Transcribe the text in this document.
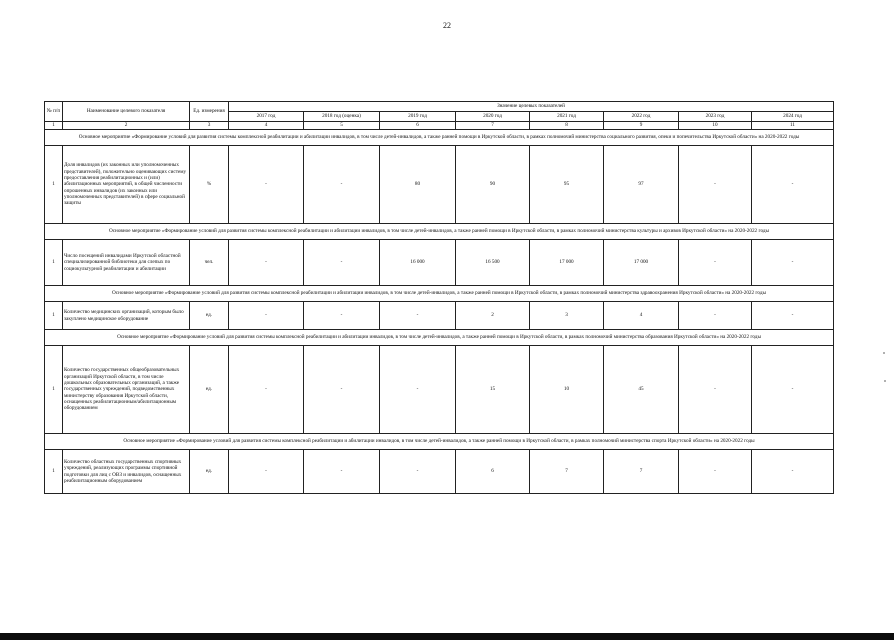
22
№ п/п	Наименование целевого показателя	Ед. измерения	Значение целевых показателей							
			2017 год	2018 год (оценка)	2019 год	2020 год	2021 год	2022 год	2023 год	2024 год
1	2	3	4	5	6	7	8	9	10	11
Основное мероприятие «Формирование условий для развития системы комплексной реабилитации и абилитации инвалидов, в том числе детей-инвалидов, а также ранней помощи в Иркутской области, в рамках полномочий министерства социального развития, опеки и попечительства Иркутской области» на 2020-2022 годы										
1	Доля инвалидов (их законных или уполномоченных представителей), положительно оценивающих систему предоставления реабилитационных и (или) абилитационных мероприятий, в общей численности опрошенных инвалидов (их законных или уполномоченных представителей) в сфере социальной защиты	%	-	-	80	90	95	97	-	-
Основное мероприятие «Формирование условий для развития системы комплексной реабилитации и абилитации инвалидов, в том числе детей-инвалидов, а также ранней помощи в Иркутской области, в рамках полномочий министерства культуры и архивов Иркутской области» на 2020-2022 годы										
1	Число посещений инвалидами Иркутской областной специализированной библиотеки для слепых по социокультурной реабилитации и абилитации	чел.	-	-	16 000	16 500	17 000	17 000	-	-
Основное мероприятие «Формирование условий для развития системы комплексной реабилитации и абилитации инвалидов, в том числе детей-инвалидов, а также ранней помощи в Иркутской области, в рамках полномочий министерства здравоохранения Иркутской области» на 2020-2022 годы										
1	Количество медицинских организаций, которым было закуплено медицинское оборудование	ед.	-	-	-	2	3	4	-	-
Основное мероприятие «Формирование условий для развития системы комплексной реабилитации и абилитации инвалидов, в том числе детей-инвалидов, а также ранней помощи в Иркутской области, в рамках полномочий министерства образования Иркутской области» на 2020-2022 годы										
1	Количество государственных общеобразовательных организаций Иркутской области, в том числе дошкольных образовательных организаций, а также государственных учреждений, подведомственных министерству образования Иркутской области, оснащенных реабилитационным/абилитационным оборудованием	ед.	-	-	-	15	10	45	-	-
Основное мероприятие «Формирование условий для развития системы комплексной реабилитации и абилитации инвалидов, в том числе детей-инвалидов, а также ранней помощи в Иркутской области, в рамках полномочий министерства спорта Иркутской области» на 2020-2022 годы										
1	Количество областных государственных спортивных учреждений, реализующих программы спортивной подготовки для лиц с ОВЗ и инвалидов, оснащенных реабилитационным оборудованием	ед.	-	-	-	6	7	7	-	-
